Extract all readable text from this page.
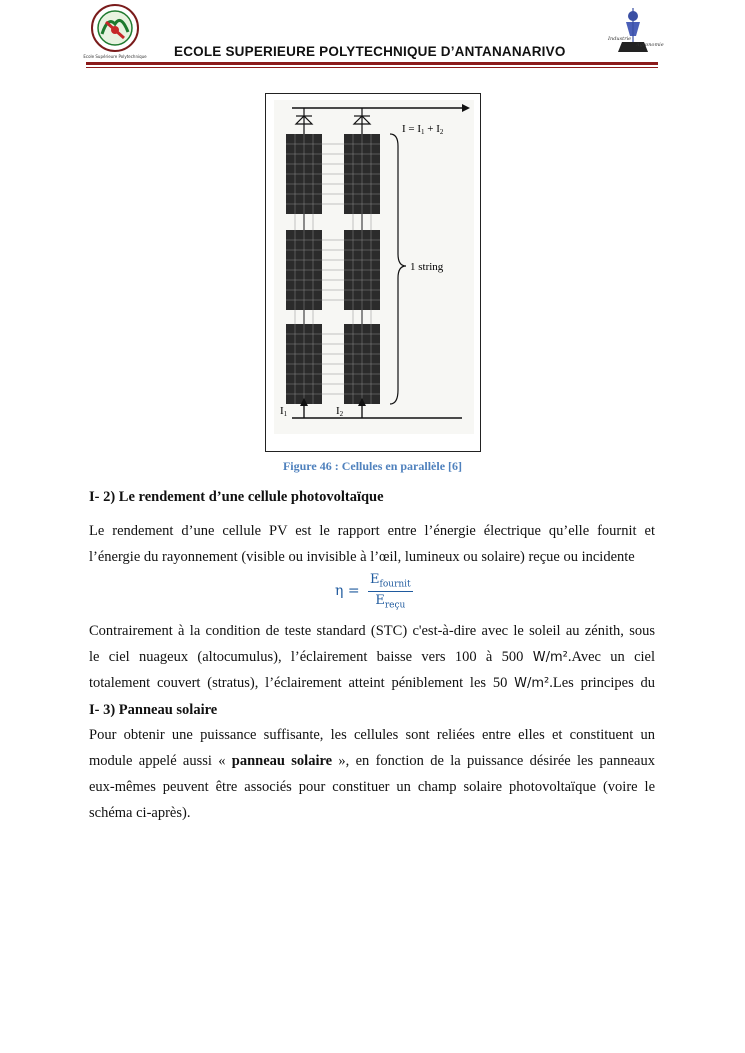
Ecole Supérieure Polytechnique ECOLE SUPERIEURE POLYTECHNIQUE D’ANTANANARIVO
Industrie
Agronomie
I = I1 + I2
1 string
I1	I2
Figure 46 : Cellules en parallèle [6]
I- 2) Le rendement d’une cellule photovoltaïque
Le rendement d’une cellule PV est le rapport entre l’énergie électrique qu’elle fournit et
l’énergie du rayonnement (visible ou invisible à l’œil, lumineux ou solaire) reçue ou incidente
$\eta = \frac{E_{fournit}}{E_{reçu}}$
Contrairement à la condition de teste standard (STC) c'est-à-dire avec le soleil au zénith, sous
le ciel nuageux (altocumulus), l’éclairement baisse vers 100 à 500 W/m².Avec un ciel
totalement couvert (stratus), l’éclairement atteint péniblement les 50 W/m².Les principes du
I- 3) Panneau solaire
Pour obtenir une puissance suffisante, les cellules sont reliées entre elles et constituent un
module appelé aussi « panneau solaire », en fonction de la puissance désirée les panneaux
eux-mêmes peuvent être associés pour constituer un champ solaire photovoltaïque (voire le
schéma ci-après).
